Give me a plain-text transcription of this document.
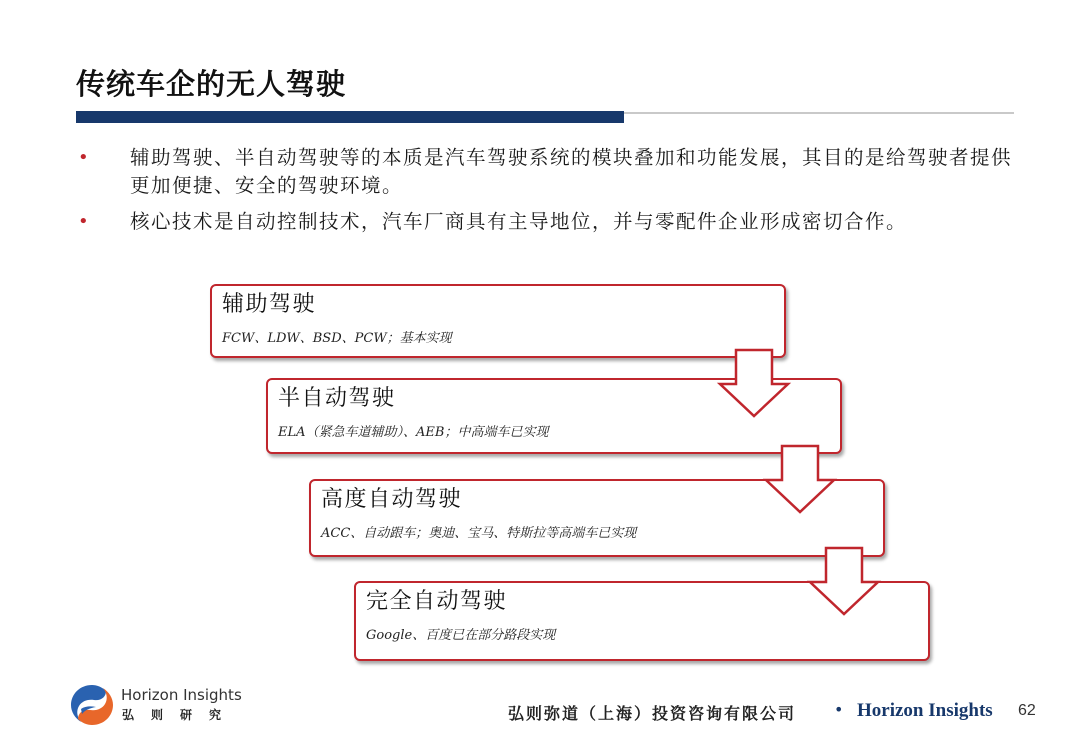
传统车企的无人驾驶
• 辅助驾驶、半自动驾驶等的本质是汽车驾驶系统的模块叠加和功能发展，其目的是给驾驶者提供更加便捷、安全的驾驶环境。
• 核心技术是自动控制技术，汽车厂商具有主导地位，并与零配件企业形成密切合作。
辅助驾驶
FCW、LDW、BSD、PCW；基本实现
半自动驾驶
ELA（紧急车道辅助）、AEB；中高端车已实现
高度自动驾驶
ACC、自动跟车；奥迪、宝马、特斯拉等高端车已实现
完全自动驾驶
Google、百度已在部分路段实现
Horizon Insights
弘则研究	弘则弥道（上海）投资咨询有限公司 • Horizon Insights 62
